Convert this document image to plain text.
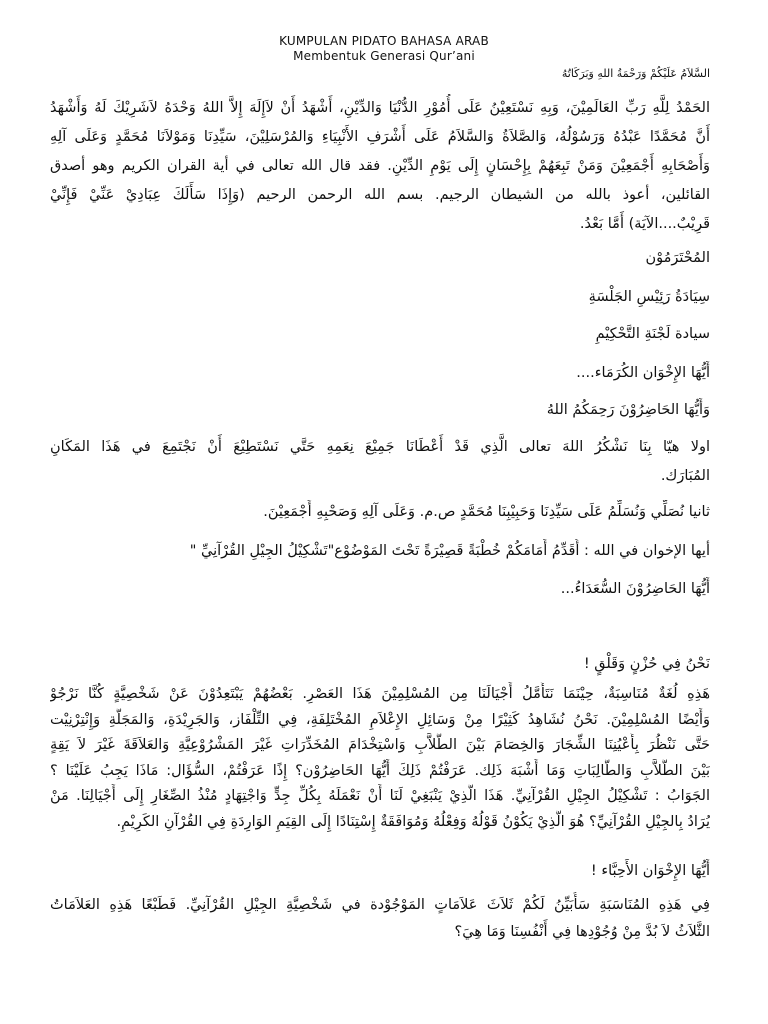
KUMPULAN PIDATO BAHASA ARAB
Membentuk Generasi Qur’ani
السَّلاَمُ عَلَيْكُمْ وَرَحْمَةُ اللهِ وَبَرَكَاتُهُ
الحَمْدُ لِلَّهِ رَبِّ العَالَمِيْنَ، وَبِهِ نَسْتَعِيْنُ عَلَى أُمُوْرِ الدُّنْيَا وَالدِّيْنِ، أَشْهَدُ أَنْ لاَإِلَهَ إِلاَّ اللهُ وَحْدَهُ لاَشَرِيْكَ لَهُ وَأَشْهَدُ
أَنَّ مُحَمَّدًا عَبْدُهُ وَرَسُوْلُهُ، وَالصَّلاَةُ وَالسَّلاَمُ عَلَى أَشْرَفِ الأَنْبِيَاءِ وَالمُرْسَلِيْنَ، سَيِّدِنَا وَمَوْلاَنَا مُحَمَّدٍ وَعَلَى آلِهِ
وَأَصْحَابِهِ أَجْمَعِيْنَ وَمَنْ تَبِعَهُمْ بِإِحْسَانٍ إِلَى يَوْمِ الدِّيْنِ. فقد قال الله تعالى في أية القران الكريم وهو أصدق
القائلين، أعوذ بالله من الشيطان الرجيم. بسم الله الرحمن الرحيم (وَإِذَا سَأَلَكَ عِبَادِيْ عَنِّيْ فَإِنِّيْ
قَرِيْبٌ....الآيَة) أَمَّا بَعْدُ.
المُحْتَرَمُوْن
سِيَادَةُ رَئِيْسِ الجَلْسَةِ
سيادة لَجْنَةِ التَّحْكِيْمِ
أَيُّهَا الإِخْوَان الكُرَمَاء....
وَأَيُّهَا الحَاضِرُوْنَ رَحِمَكُمُ اللهُ
اولا هيّا بِنَا نَشْكُرُ اللهَ تعالى الَّذِي قَدْ أَعْطَانَا جَمِيْعَ نِعَمِهِ حَتَّي نَسْتَطِيْعَ أَنْ نَجْتَمِعَ في هَذَا المَكَانِ
المُبَارَك.
ثانيا نُصَلِّي وَنُسَلِّمُ عَلَى سَيِّدِنَا وَحَبِيْبِنَا مُحَمَّدٍ ص.م. وَعَلَى آلِهِ وَصَحْبِهِ أَجْمَعِيْنَ.
أيها الإخوان في الله : أُقَدِّمُ أَمَامَكُمْ خُطْبَةً قَصِيْرَةً تَحْتَ المَوْضُوْع"تَشْكِيْلُ الجِيْلِ القُرْآنِيِّ "
أَيُّهَا الحَاضِرُوْنَ السُّعَدَاءُ...
نَحْنُ فِي حُزْنٍ وَقَلْقٍ !
هَذِهِ لُغَةٌ مُنَاسِبَةٌ، حِيْنَمَا نَتَأَمَّلُ أَجْيَالَنَا مِن المُسْلِمِيْنَ هَذَا العَصْرِ. بَعْضُهُمْ يَبْتَعِدُوْنَ عَنْ شَخْصِيَّةٍ كُنَّا نَرْجُوْ
وَأَيْضًا المُسْلِمِيْنَ. نَحْنُ نُشَاهِدُ كَثِيْرًا مِنْ وَسَائِلِ الإِعْلاَمِ المُخْتَلِفَةِ، فِي التِّلْفَاز، وَالجَرِيْدَةِ، وَالمَجَلَّةِ وَإِنْتِرْنِيْت
حَتَّى نَنْظُرَ بِأَعْيُنِنَا الشِّجَارَ وَالخِصَامَ بَيْنَ الطُّلاَّبِ وَاسْتِخْدَامَ المُخَدِّرَاتِ غَيْرَ المَشْرُوْعِيَّةِ وَالعَلاَقَةَ غَيْرَ لاَ يَقِةٍ
بَيْنَ الطُّلاَّبِ وَالطَّالِبَاتِ وَمَا أَشْبَهَ ذَلِك. عَرَفْتُمْ ذَلِكَ أَيُّهَا الحَاضِرُوْن؟ إِذًا عَرَفْتُمْ، السُّؤَال: مَاذَا يَجِبُ عَلَيْنَا ؟
الجَوَابُ : تَشْكِيْلُ الجِيْلِ القُرْآنِيِّ. هَذَا الَّذِيْ يَنْبَغِيْ لَنَا أَنْ نَعْمَلَهُ بِكُلِّ جِدٍّ وَاجْتِهَادٍ مُنْذُ الصِّغَارِ إِلَى أَجْيَالِنَا. مَنْ
يُرَادُ بِالجِيْلِ القُرْآنِيِّ؟ هُوَ الَّذِيْ يَكُوْنُ قَوْلُهُ وَفِعْلُهُ وَمُوَافَقَةٌ إِسْتِنَادًا إِلَى القِيَمِ الوَارِدَةِ فِي القُرْآنِ الكَرِيْمِ.
أَيُّهَا الإِخْوَان الأَحِبَّاء !
فِي هَذِهِ المُنَاسَبَةِ سَأُبَيِّنُ لَكُمْ ثَلاَثَ عَلاَمَاتٍ المَوْجُوْدة في شَخْصِيَّةِ الجِيْلِ القُرْآنِيِّ. فَطَبْعًا هَذِهِ العَلاَمَاتُ
الثَّلاَثُ لاَ بُدَّ مِنْ وُجُوْدِها فِي أَنْفُسِنَا وَمَا هِيَ؟
